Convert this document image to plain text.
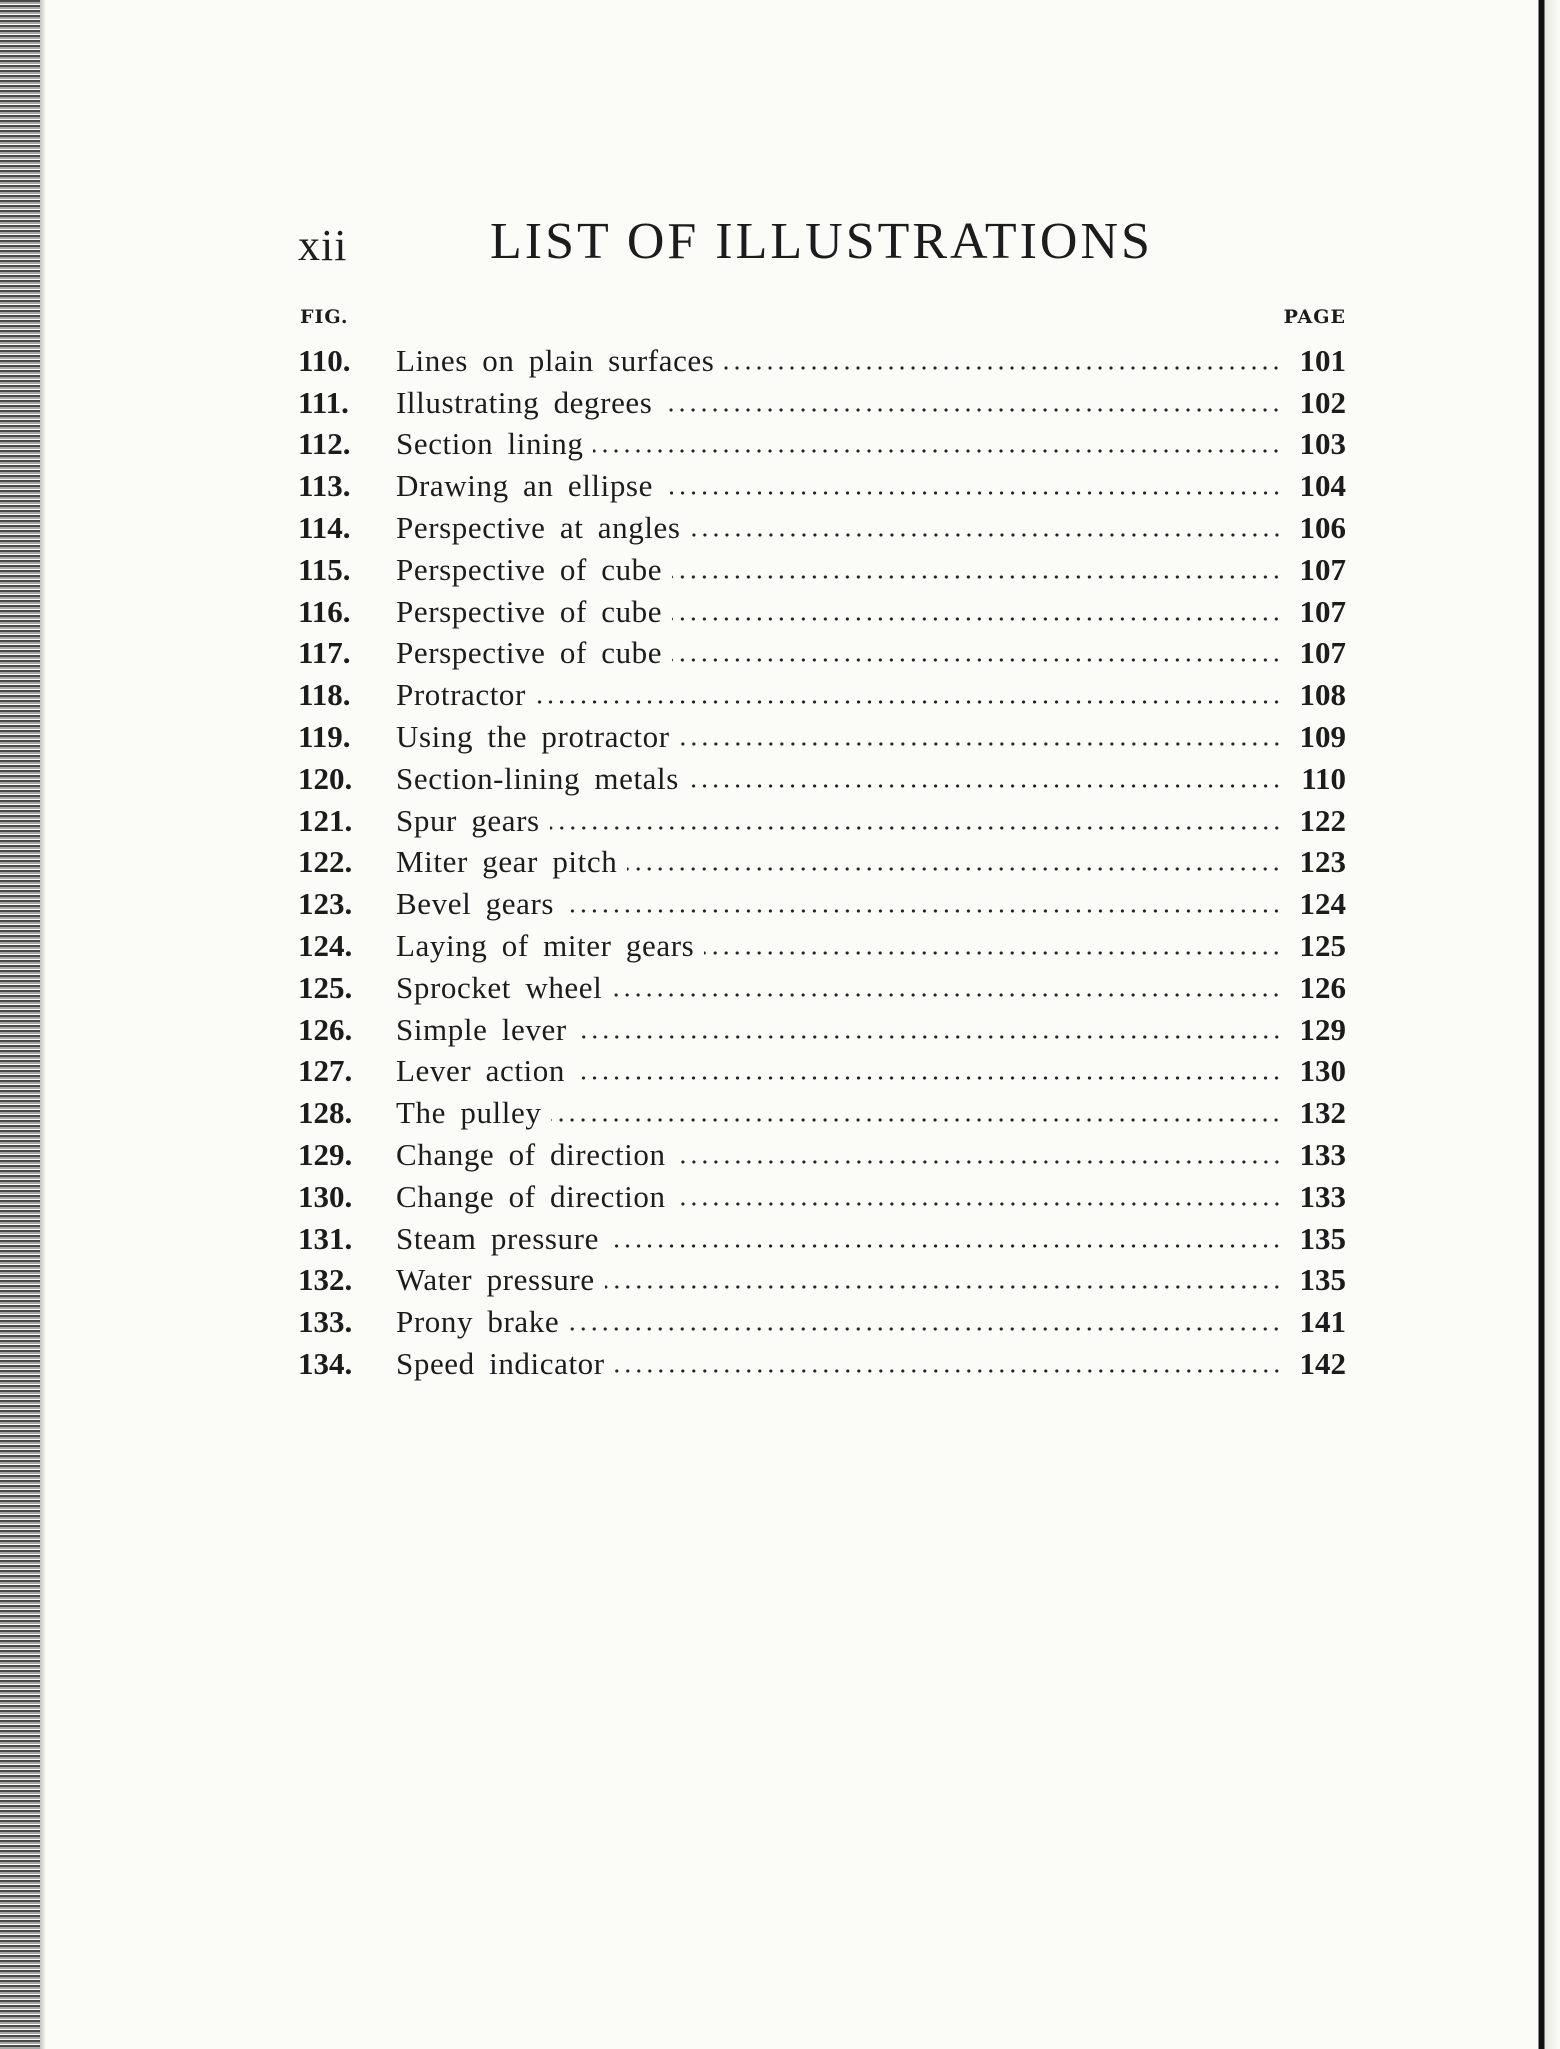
xii	LIST OF ILLUSTRATIONS
FIG.	PAGE
110.	Lines on plain surfaces	101
111.	Illustrating degrees	102
112.	Section lining	103
113.	Drawing an ellipse	104
114.	Perspective at angles	106
115.	Perspective of cube	107
116.	Perspective of cube	107
117.	Perspective of cube	107
118.	Protractor	108
119.	Using the protractor	109
120.	Section-lining metals	110
121.	Spur gears	122
122.	Miter gear pitch	123
123.	Bevel gears	124
124.	Laying of miter gears	125
125.	Sprocket wheel	126
126.	Simple lever	129
127.	Lever action	130
128.	The pulley	132
129.	Change of direction	133
130.	Change of direction	133
131.	Steam pressure	135
132.	Water pressure	135
133.	Prony brake	141
134.	Speed indicator	142
